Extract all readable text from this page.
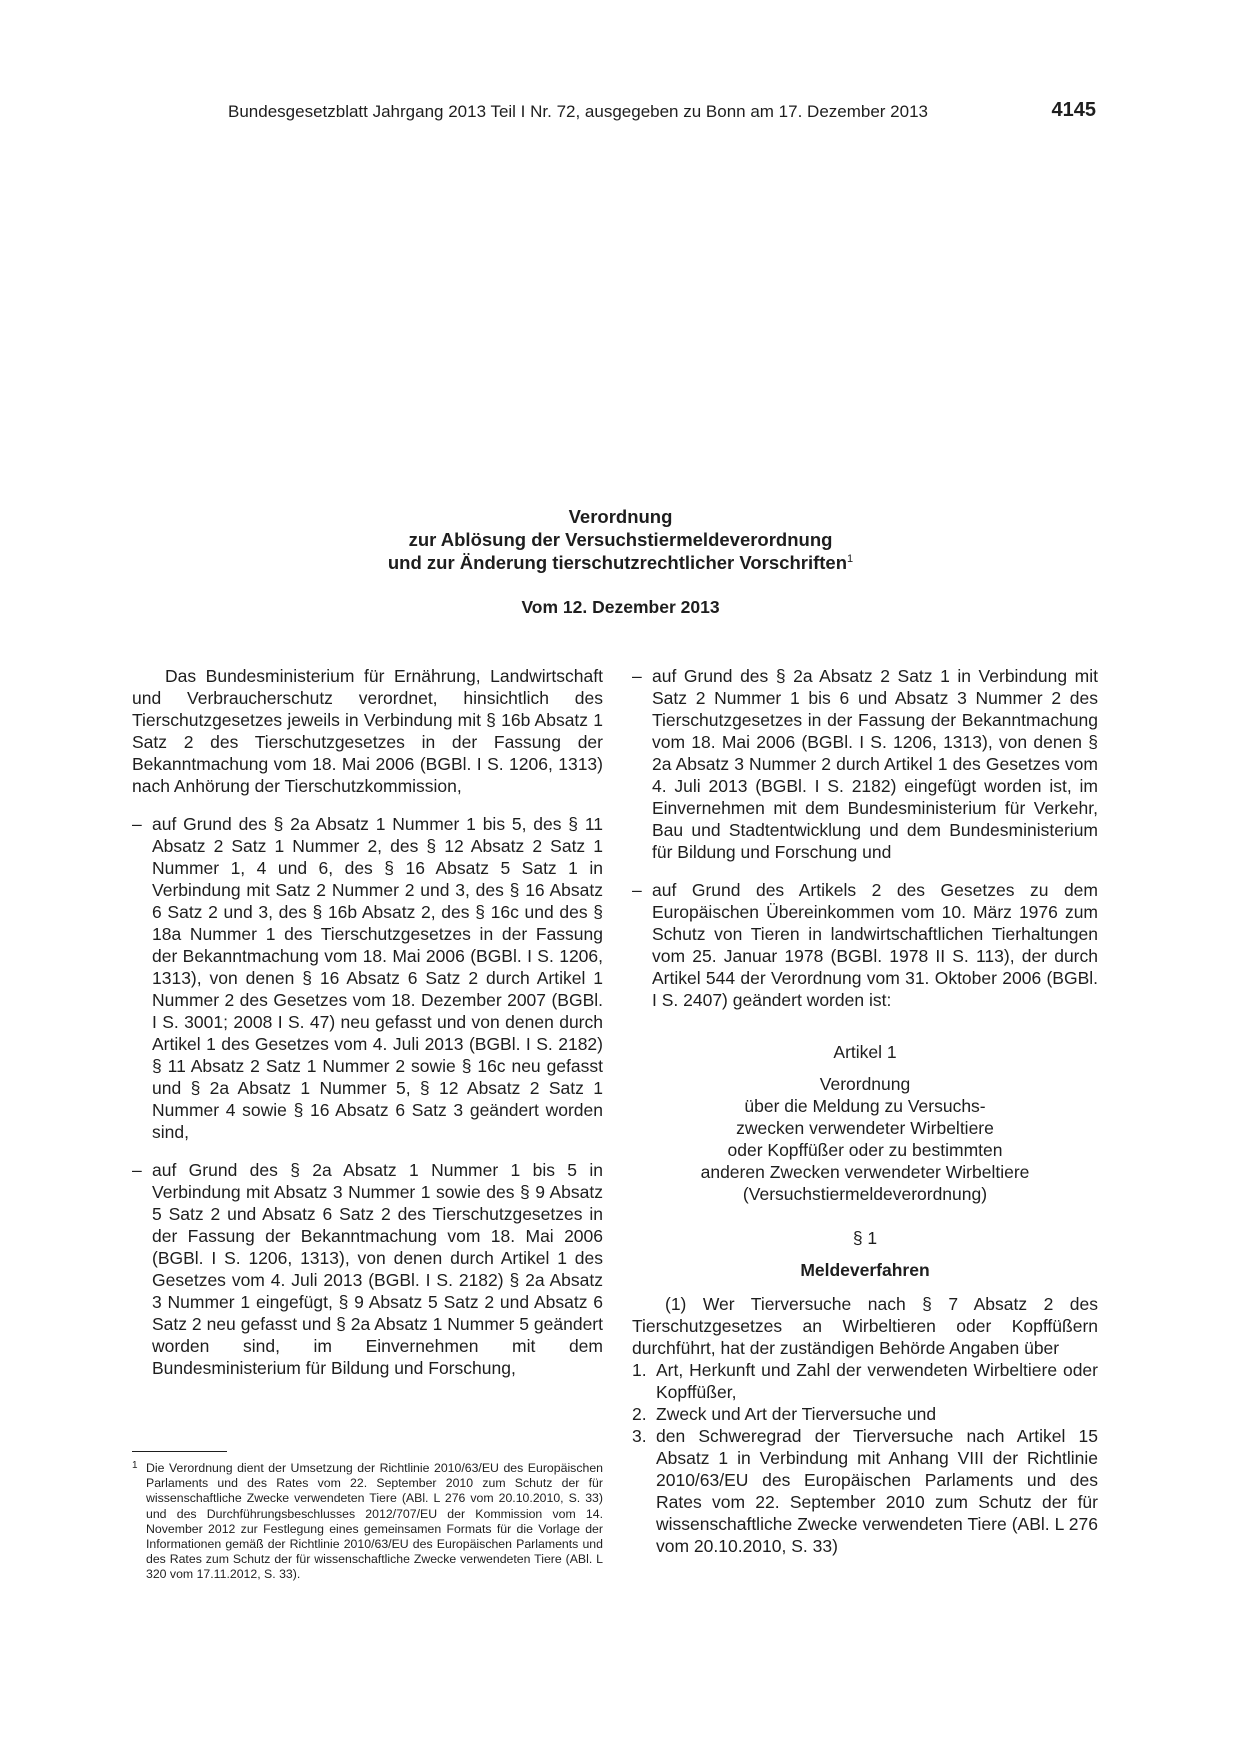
Bundesgesetzblatt Jahrgang 2013 Teil I Nr. 72, ausgegeben zu Bonn am 17. Dezember 2013	4145
Verordnung
zur Ablösung der Versuchstiermeldeverordnung
und zur Änderung tierschutzrechtlicher Vorschriften$^1$
Vom 12. Dezember 2013

Das Bundesministerium für Ernährung, Landwirtschaft und Verbraucherschutz verordnet, hinsichtlich des Tierschutzgesetzes jeweils in Verbindung mit § 16b Absatz 1 Satz 2 des Tierschutzgesetzes in der Fassung der Bekanntmachung vom 18. Mai 2006 (BGBl. I S. 1206, 1313) nach Anhörung der Tierschutzkommission,

– auf Grund des § 2a Absatz 1 Nummer 1 bis 5, des § 11 Absatz 2 Satz 1 Nummer 2, des § 12 Absatz 2 Satz 1 Nummer 1, 4 und 6, des § 16 Absatz 5 Satz 1 in Verbindung mit Satz 2 Nummer 2 und 3, des § 16 Absatz 6 Satz 2 und 3, des § 16b Absatz 2, des § 16c und des § 18a Nummer 1 des Tierschutzgesetzes in der Fassung der Bekanntmachung vom 18. Mai 2006 (BGBl. I S. 1206, 1313), von denen § 16 Absatz 6 Satz 2 durch Artikel 1 Nummer 2 des Gesetzes vom 18. Dezember 2007 (BGBl. I S. 3001; 2008 I S. 47) neu gefasst und von denen durch Artikel 1 des Gesetzes vom 4. Juli 2013 (BGBl. I S. 2182) § 11 Absatz 2 Satz 1 Nummer 2 sowie § 16c neu gefasst und § 2a Absatz 1 Nummer 5, § 12 Absatz 2 Satz 1 Nummer 4 sowie § 16 Absatz 6 Satz 3 geändert worden sind,
– auf Grund des § 2a Absatz 1 Nummer 1 bis 5 in Verbindung mit Absatz 3 Nummer 1 sowie des § 9 Absatz 5 Satz 2 und Absatz 6 Satz 2 des Tierschutzgesetzes in der Fassung der Bekanntmachung vom 18. Mai 2006 (BGBl. I S. 1206, 1313), von denen durch Artikel 1 des Gesetzes vom 4. Juli 2013 (BGBl. I S. 2182) § 2a Absatz 3 Nummer 1 eingefügt, § 9 Absatz 5 Satz 2 und Absatz 6 Satz 2 neu gefasst und § 2a Absatz 1 Nummer 5 geändert worden sind, im Einvernehmen mit dem Bundesministerium für Bildung und Forschung,
– auf Grund des § 2a Absatz 2 Satz 1 in Verbindung mit Satz 2 Nummer 1 bis 6 und Absatz 3 Nummer 2 des Tierschutzgesetzes in der Fassung der Bekanntmachung vom 18. Mai 2006 (BGBl. I S. 1206, 1313), von denen § 2a Absatz 3 Nummer 2 durch Artikel 1 des Gesetzes vom 4. Juli 2013 (BGBl. I S. 2182) eingefügt worden ist, im Einvernehmen mit dem Bundesministerium für Verkehr, Bau und Stadtentwicklung und dem Bundesministerium für Bildung und Forschung und
– auf Grund des Artikels 2 des Gesetzes zu dem Europäischen Übereinkommen vom 10. März 1976 zum Schutz von Tieren in landwirtschaftlichen Tierhaltungen vom 25. Januar 1978 (BGBl. 1978 II S. 113), der durch Artikel 544 der Verordnung vom 31. Oktober 2006 (BGBl. I S. 2407) geändert worden ist:
Artikel 1
Verordnung
über die Meldung zu Versuchs-
zwecken verwendeter Wirbeltiere
oder Kopffüßer oder zu bestimmten
anderen Zwecken verwendeter Wirbeltiere
(Versuchstiermeldeverordnung)
§ 1
Meldeverfahren

(1) Wer Tierversuche nach § 7 Absatz 2 des Tierschutzgesetzes an Wirbeltieren oder Kopffüßern durchführt, hat der zuständigen Behörde Angaben über

1. Art, Herkunft und Zahl der verwendeten Wirbeltiere oder Kopffüßer,
2. Zweck und Art der Tierversuche und
3. den Schweregrad der Tierversuche nach Artikel 15 Absatz 1 in Verbindung mit Anhang VIII der Richtlinie 2010/63/EU des Europäischen Parlaments und des Rates vom 22. September 2010 zum Schutz der für wissenschaftliche Zwecke verwendeten Tiere (ABl. L 276 vom 20.10.2010, S. 33)
1 Die Verordnung dient der Umsetzung der Richtlinie 2010/63/EU des Europäischen Parlaments und des Rates vom 22. September 2010 zum Schutz der für wissenschaftliche Zwecke verwendeten Tiere (ABl. L 276 vom 20.10.2010, S. 33) und des Durchführungsbeschlusses 2012/707/EU der Kommission vom 14. November 2012 zur Festlegung eines gemeinsamen Formats für die Vorlage der Informationen gemäß der Richtlinie 2010/63/EU des Europäischen Parlaments und des Rates zum Schutz der für wissenschaftliche Zwecke verwendeten Tiere (ABl. L 320 vom 17.11.2012, S. 33).
